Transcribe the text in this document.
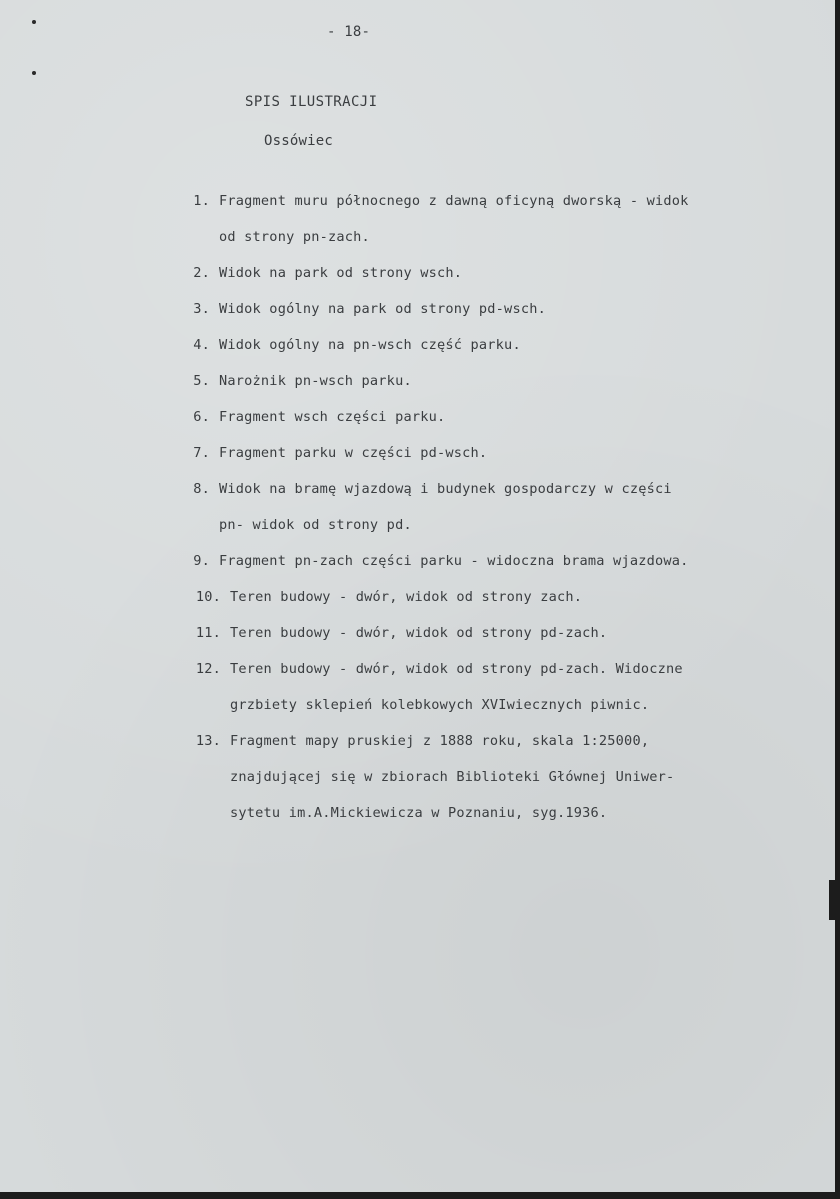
- 18-
SPIS ILUSTRACJI
Ossówiec
1. Fragment muru północnego z dawną oficyną dworską - widok
od strony pn-zach.
2. Widok na park od strony wsch.
3. Widok ogólny na park od strony pd-wsch.
4. Widok ogólny na pn-wsch część parku.
5. Narożnik pn-wsch parku.
6. Fragment wsch części parku.
7. Fragment parku w części pd-wsch.
8. Widok na bramę wjazdową i budynek gospodarczy w części
pn- widok od strony pd.
9. Fragment pn-zach części parku - widoczna brama wjazdowa.
10. Teren budowy - dwór, widok od strony zach.
11. Teren budowy - dwór, widok od strony pd-zach.
12. Teren budowy - dwór, widok od strony pd-zach. Widoczne
grzbiety sklepień kolebkowych XVIwiecznych piwnic.
13. Fragment mapy pruskiej z 1888 roku, skala 1:25000,
znajdującej się w zbiorach Biblioteki Głównej Uniwer-
sytetu im.A.Mickiewicza w Poznaniu, syg.1936.
